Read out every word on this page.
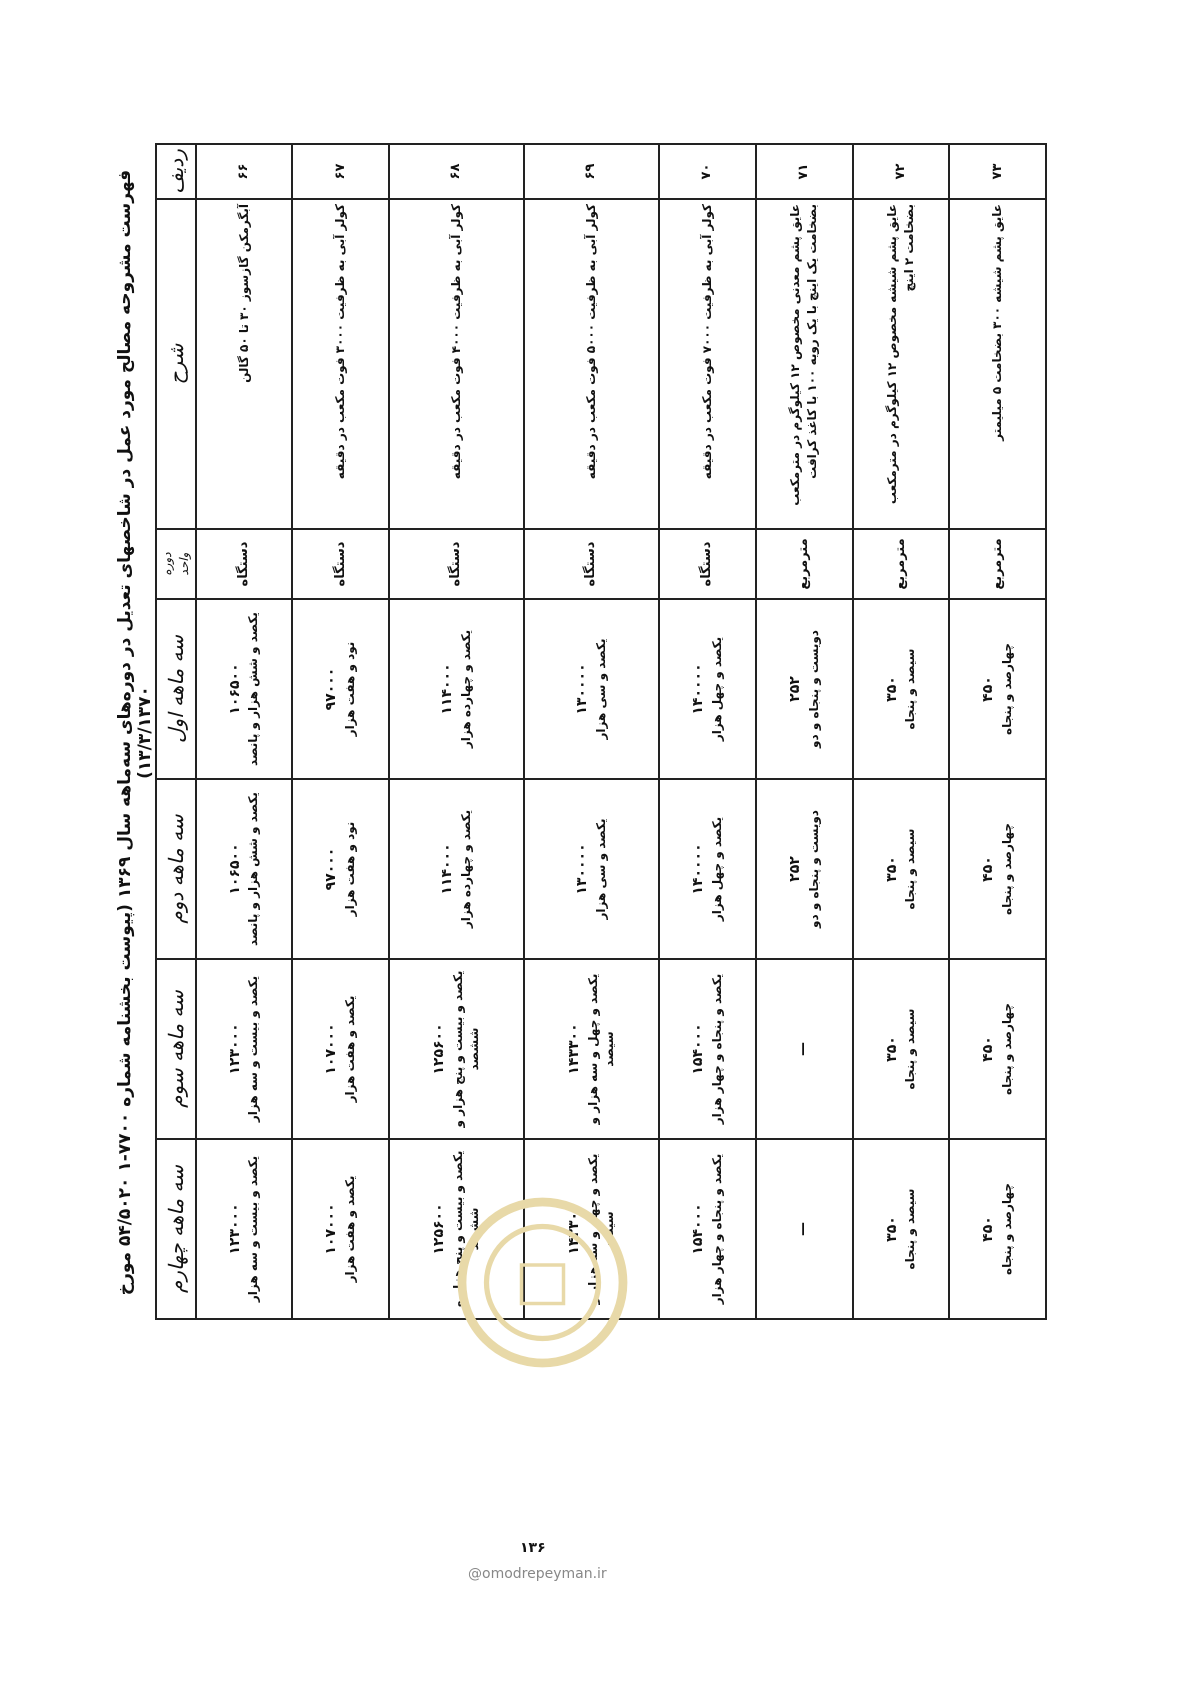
فهرست مشروحه مصالح مورد عمل در شاخصهای تعدیل در دوره‌های سه‌ماهه سال ۱۳۶۹ (پیوست بخشنامه شماره ۷۷۰۰-۱ ۵۴/۵۰۲۰ مورخ ۱۳/۳/۱۳۷۰)
ردیف	شرح	دوره واحد	سه ماهه اول	سه ماهه دوم	سه ماهه سوم	سه ماهه چهارم
۶۶	آبگرمکن گازسوز ۳۰ تا ۵۰ گالن	دستگاه	۱۰۶۵۰۰ یکصد و شش هزار و پانصد	۱۰۶۵۰۰ یکصد و شش هزار و پانصد	۱۲۳۰۰۰ یکصد و بیست و سه هزار	۱۲۳۰۰۰ یکصد و بیست و سه هزار

۶۷	کولر آبی به ظرفیت ۳۰۰۰ فوت مکعب در دقیقه	دستگاه	۹۷۰۰۰ نود و هفت هزار	۹۷۰۰۰ نود و هفت هزار	۱۰۷۰۰۰ یکصد و هفت هزار	۱۰۷۰۰۰ یکصد و هفت هزار

۶۸	کولر آبی به ظرفیت ۴۰۰۰ فوت مکعب در دقیقه	دستگاه	۱۱۴۰۰۰ یکصد و چهارده هزار	۱۱۴۰۰۰ یکصد و چهارده هزار	۱۲۵۶۰۰ یکصد و بیست و پنج هزار و ششصد	۱۲۵۶۰۰ یکصد و بیست و پنج هزار و ششصد

۶۹	کولر آبی به ظرفیت ۵۰۰۰ فوت مکعب در دقیقه	دستگاه	۱۳۰۰۰۰ یکصد و سی هزار	۱۳۰۰۰۰ یکصد و سی هزار	۱۴۳۳۰۰ یکصد و چهل و سه هزار و سیصد	۱۴۳۳۰۰ یکصد و چهل و سه هزار و سیصد

۷۰	کولر آبی به ظرفیت ۷۰۰۰ فوت مکعب در دقیقه	دستگاه	۱۴۰۰۰۰ یکصد و چهل هزار	۱۴۰۰۰۰ یکصد و چهل هزار	۱۵۴۰۰۰ یکصد و پنجاه و چهار هزار	۱۵۴۰۰۰ یکصد و پنجاه و چهار هزار

۷۱	عایق پشم معدنی مخصوص ۱۲ کیلوگرم در مترمکعب بضخامت یک اینچ با یک رویه ۱۰۰ با کاغذ کرافت	مترمربع	۲۵۲ دویست و پنجاه و دو	۲۵۲ دویست و پنجاه و دو	—	—

۷۲	عایق پشم شیشه مخصوص ۱۲ کیلوگرم در مترمکعب بضخامت ۲ اینچ	مترمربع	۳۵۰ سیصد و پنجاه	۳۵۰ سیصد و پنجاه	۳۵۰ سیصد و پنجاه	۳۵۰ سیصد و پنجاه

۷۳	عایق پشم شیشه ۳۰۰ بضخامت ۵ میلیمتر	مترمربع	۴۵۰ چهارصد و پنجاه	۴۵۰ چهارصد و پنجاه	۴۵۰ چهارصد و پنجاه	۴۵۰ چهارصد و پنجاه
۱۳۶
@omodrepeyman.ir
